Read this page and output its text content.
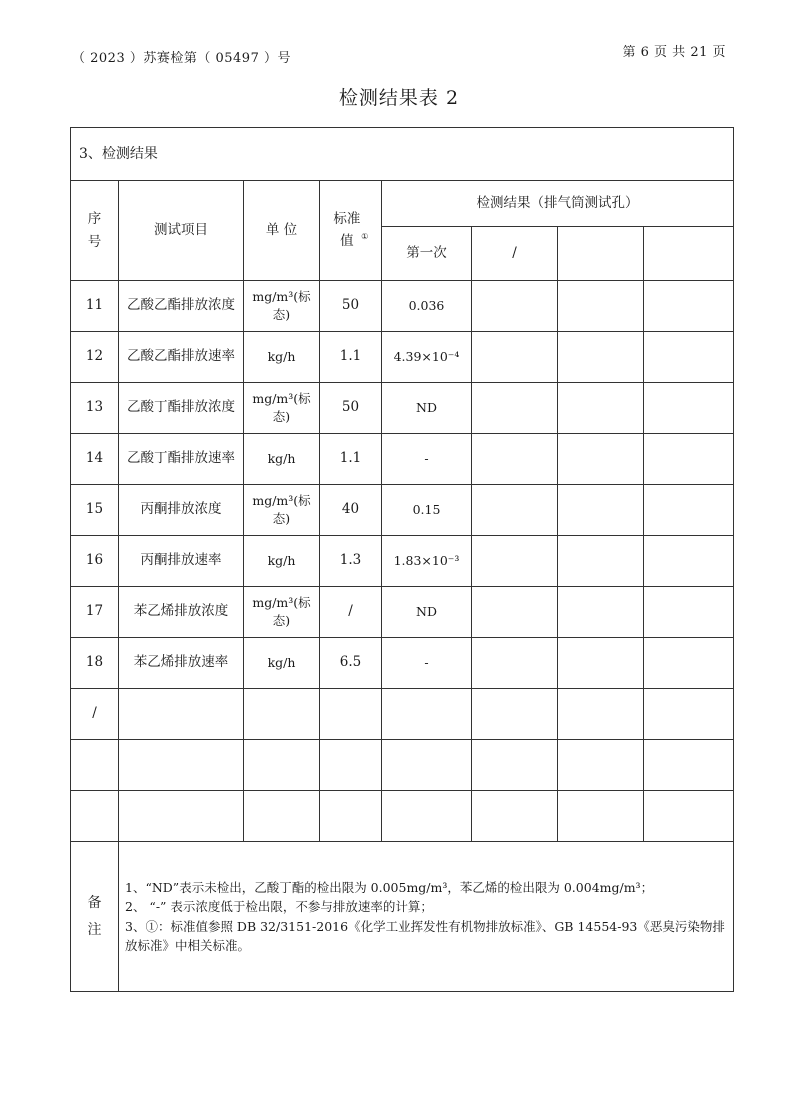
（ 2023 ）苏赛检第（ 05497 ）号	第 6 页 共 21 页
检测结果表 2
3、检测结果							
序号	测试项目	单 位	标准值 ①	检测结果（排气筒测试孔）			
				第一次	/		
11	乙酸乙酯排放浓度	mg/m³(标态)	50	0.036			
12	乙酸乙酯排放速率	kg/h	1.1	4.39×10⁻⁴			
13	乙酸丁酯排放浓度	mg/m³(标态)	50	ND			
14	乙酸丁酯排放速率	kg/h	1.1	-			
15	丙酮排放浓度	mg/m³(标态)	40	0.15			
16	丙酮排放速率	kg/h	1.3	1.83×10⁻³			
17	苯乙烯排放浓度	mg/m³(标态)	/	ND			
18	苯乙烯排放速率	kg/h	6.5	-			
/							

备注	1、“ND”表示未检出，乙酸丁酯的检出限为 0.005mg/m³，苯乙烯的检出限为 0.004mg/m³；

2、 “-” 表示浓度低于检出限，不参与排放速率的计算；

3、①：标准值参照 DB 32/3151-2016《化学工业挥发性有机物排放标准》、GB 14554-93《恶臭污染物排放标准》中相关标准。						
